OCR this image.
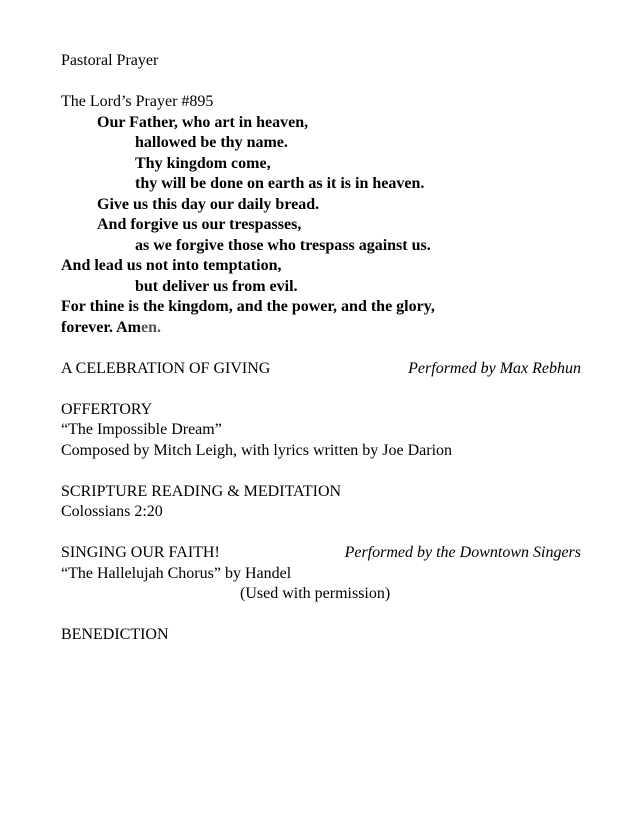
Pastoral Prayer
The Lord’s Prayer #895
Our Father, who art in heaven,
hallowed be thy name.
Thy kingdom come,
thy will be done on earth as it is in heaven.
Give us this day our daily bread.
And forgive us our trespasses,
as we forgive those who trespass against us.
And lead us not into temptation,
but deliver us from evil.
For thine is the kingdom, and the power, and the glory,
forever. Amen.
A CELEBRATION OF GIVING	Performed by Max Rebhun
OFFERTORY
“The Impossible Dream”
Composed by Mitch Leigh, with lyrics written by Joe Darion
SCRIPTURE READING & MEDITATION
Colossians 2:20
SINGING OUR FAITH!	Performed by the Downtown Singers
“The Hallelujah Chorus” by Handel
(Used with permission)
BENEDICTION
